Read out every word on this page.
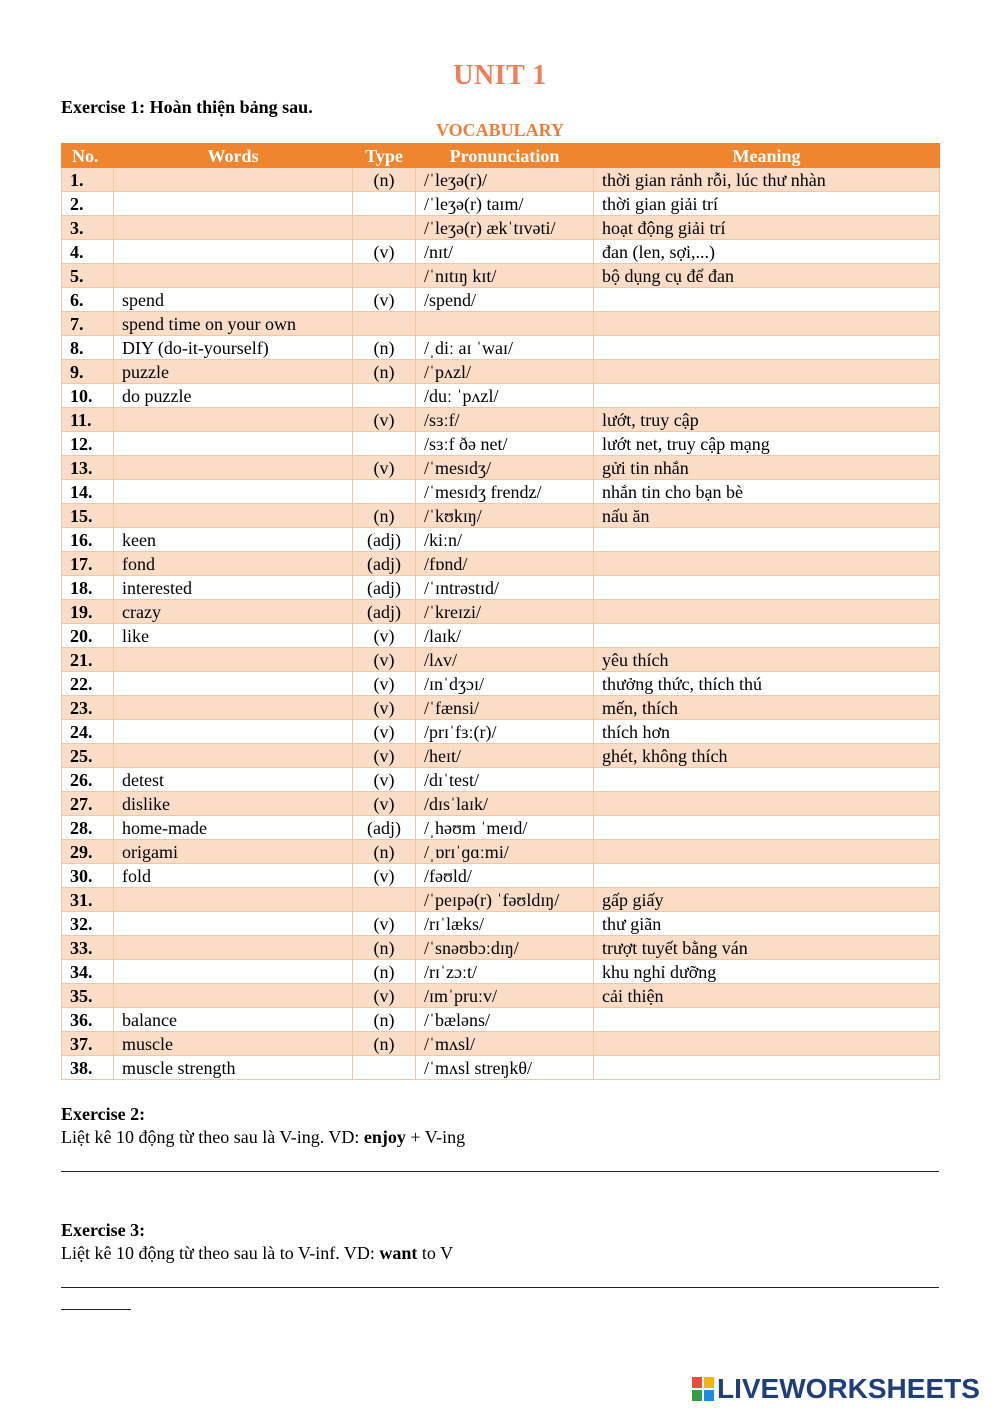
UNIT 1
Exercise 1: Hoàn thiện bảng sau.
VOCABULARY
No.	Words	Type	Pronunciation	Meaning
1.		(n)	/ˈleʒə(r)/	thời gian rảnh rỗi, lúc thư nhàn
2.			/ˈleʒə(r) taɪm/	thời gian giải trí
3.			/ˈleʒə(r) ækˈtɪvəti/	hoạt động giải trí
4.		(v)	/nɪt/	đan (len, sợi,...)
5.			/ˈnɪtɪŋ kɪt/	bộ dụng cụ để đan
6.	spend	(v)	/spend/	
7.	spend time on your own			
8.	DIY (do-it-yourself)	(n)	/ˌdiː aɪ ˈwaɪ/	
9.	puzzle	(n)	/ˈpʌzl/	
10.	do puzzle		/duː ˈpʌzl/	
11.		(v)	/sɜːf/	lướt, truy cập
12.			/sɜːf ðə net/	lướt net, truy cập mạng
13.		(v)	/ˈmesɪdʒ/	gửi tin nhắn
14.			/ˈmesɪdʒ frendz/	nhắn tin cho bạn bè
15.		(n)	/ˈkʊkɪŋ/	nấu ăn
16.	keen	(adj)	/kiːn/	
17.	fond	(adj)	/fɒnd/	
18.	interested	(adj)	/ˈɪntrəstɪd/	
19.	crazy	(adj)	/ˈkreɪzi/	
20.	like	(v)	/laɪk/	
21.		(v)	/lʌv/	yêu thích
22.		(v)	/ɪnˈdʒɔɪ/	thưởng thức, thích thú
23.		(v)	/ˈfænsi/	mến, thích
24.		(v)	/prɪˈfɜː(r)/	thích hơn
25.		(v)	/heɪt/	ghét, không thích
26.	detest	(v)	/dɪˈtest/	
27.	dislike	(v)	/dɪsˈlaɪk/	
28.	home-made	(adj)	/ˌhəʊm ˈmeɪd/	
29.	origami	(n)	/ˌɒrɪˈɡɑːmi/	
30.	fold	(v)	/fəʊld/	
31.			/ˈpeɪpə(r) ˈfəʊldɪŋ/	gấp giấy
32.		(v)	/rɪˈlæks/	thư giãn
33.		(n)	/ˈsnəʊbɔːdɪŋ/	trượt tuyết bằng ván
34.		(n)	/rɪˈzɔːt/	khu nghỉ dưỡng
35.		(v)	/ɪmˈpruːv/	cải thiện
36.	balance	(n)	/ˈbæləns/	
37.	muscle	(n)	/ˈmʌsl/	
38.	muscle strength		/ˈmʌsl streŋkθ/	
Exercise 2:
Liệt kê 10 động từ theo sau là V-ing. VD: enjoy + V-ing
Exercise 3:
Liệt kê 10 động từ theo sau là to V-inf. VD: want to V
LIVEWORKSHEETS
